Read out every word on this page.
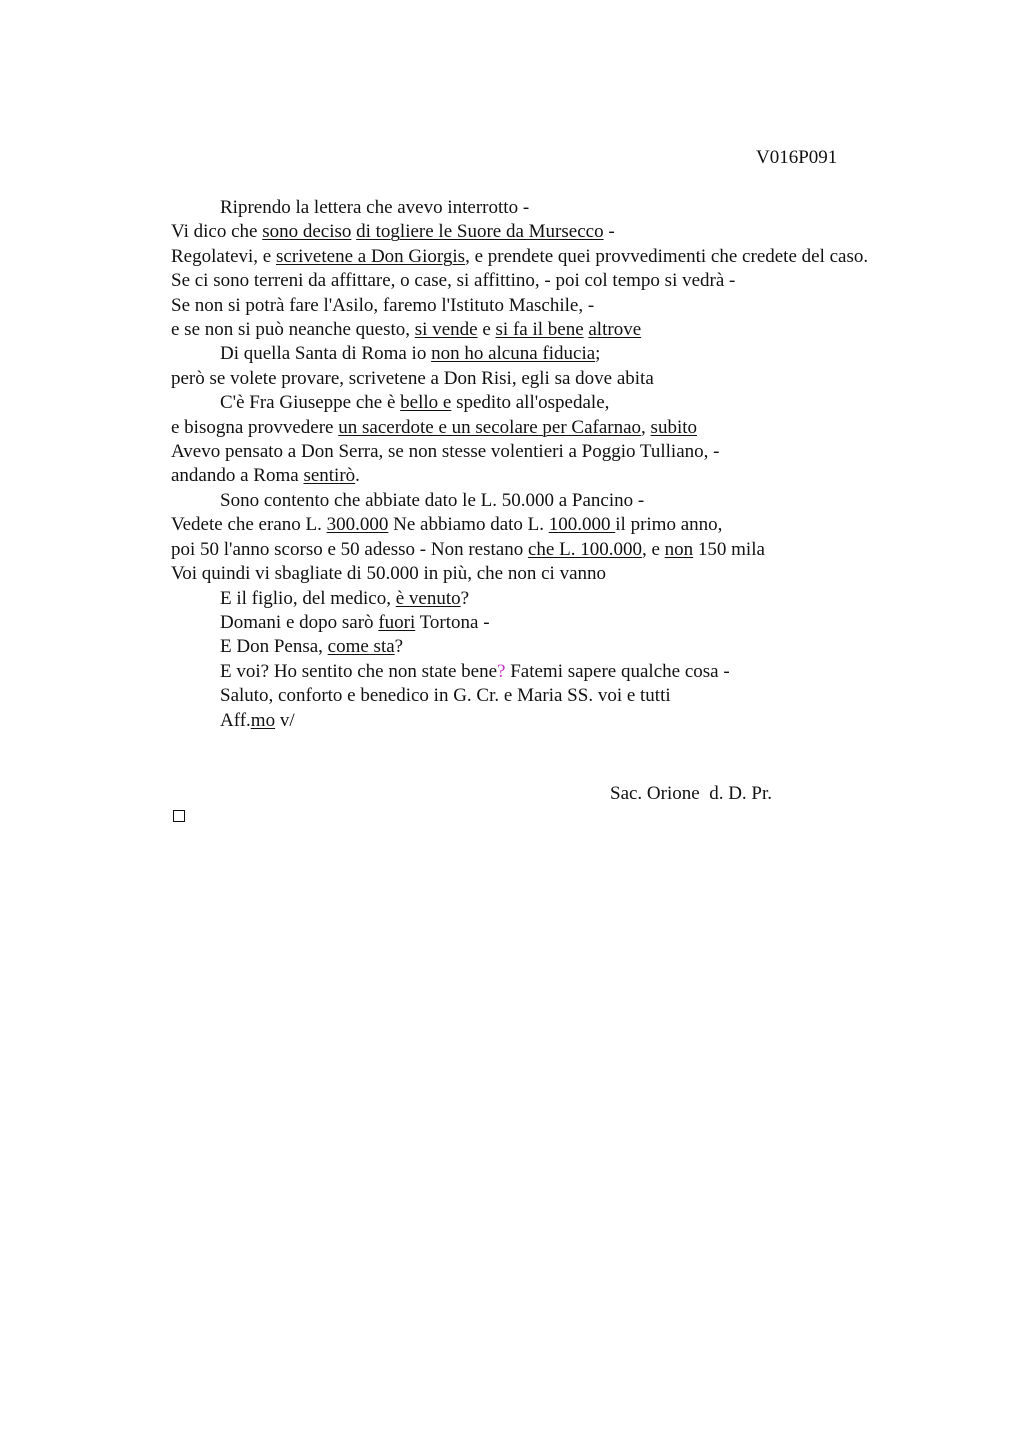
V016P091
Riprendo la lettera che avevo interrotto -
Vi dico che sono deciso di togliere le Suore da Mursecco -
Regolatevi, e scrivetene a Don Giorgis, e prendete quei provvedimenti che credete del caso.
Se ci sono terreni da affittare, o case, si affittino, - poi col tempo si vedrà -
Se non si potrà fare l'Asilo, faremo l'Istituto Maschile, -
e se non si può neanche questo, si vende e si fa il bene altrove
Di quella Santa di Roma io non ho alcuna fiducia;
però se volete provare, scrivetene a Don Risi, egli sa dove abita
C'è Fra Giuseppe che è bello e spedito all'ospedale,
e bisogna provvedere un sacerdote e un secolare per Cafarnao, subito
Avevo pensato a Don Serra, se non stesse volentieri a Poggio Tulliano, -
andando a Roma sentirò.
Sono contento che abbiate dato le L. 50.000 a Pancino -
Vedete che erano L. 300.000 Ne abbiamo dato L. 100.000 il primo anno,
poi 50 l'anno scorso e 50 adesso - Non restano che L. 100.000, e non 150 mila
Voi quindi vi sbagliate di 50.000 in più, che non ci vanno
E il figlio, del medico, è venuto?
Domani e dopo sarò fuori Tortona -
E Don Pensa, come sta?
E voi? Ho sentito che non state bene? Fatemi sapere qualche cosa -
Saluto, conforto e benedico in G. Cr. e Maria SS. voi e tutti
Aff.mo v/
Sac. Orione  d. D. Pr.
